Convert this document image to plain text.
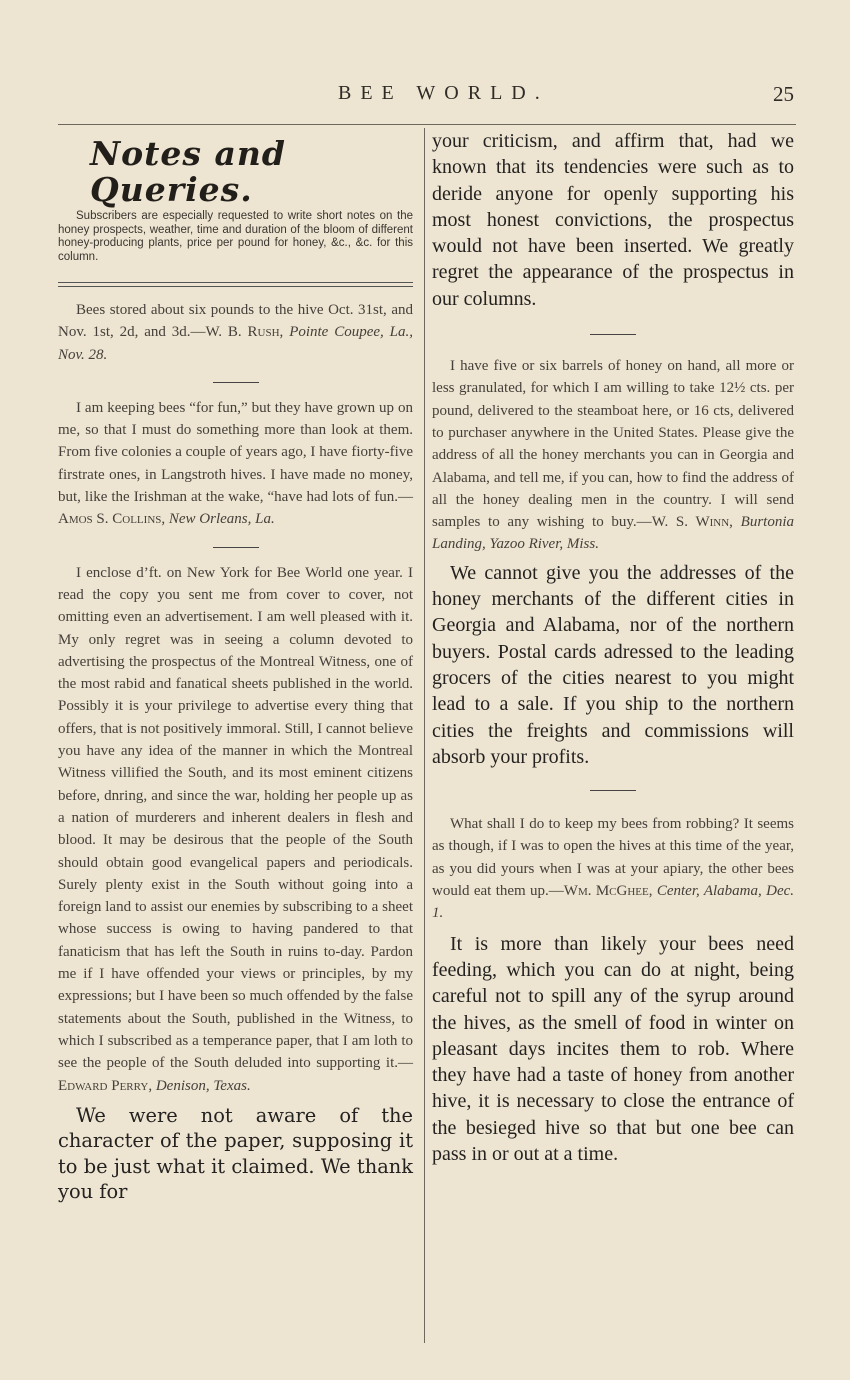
BEE WORLD.	25
Notes and Queries.

Subscribers are especially requested to write short notes on the honey prospects, weather, time and duration of the bloom of different honey-producing plants, price per pound for honey, &c., &c. for this column.

Bees stored about six pounds to the hive Oct. 31st, and Nov. 1st, 2d, and 3d.—W. B. Rush, Pointe Coupee, La., Nov. 28.

I am keeping bees “for fun,” but they have grown up on me, so that I must do something more than look at them. From five colonies a couple of years ago, I have fiorty-five firstrate ones, in Langstroth hives. I have made no money, but, like the Irishman at the wake, “have had lots of fun.—Amos S. Collins, New Orleans, La.

I enclose d’ft. on New York for Bee World one year. I read the copy you sent me from cover to cover, not omitting even an advertisement. I am well pleased with it. My only regret was in seeing a column devoted to advertising the prospectus of the Montreal Witness, one of the most rabid and fanatical sheets published in the world. Possibly it is your privilege to advertise every thing that offers, that is not positively immoral. Still, I cannot believe you have any idea of the manner in which the Montreal Witness villified the South, and its most eminent citizens before, dnring, and since the war, holding her people up as a nation of murderers and inherent dealers in flesh and blood. It may be desirous that the people of the South should obtain good evangelical papers and periodicals. Surely plenty exist in the South without going into a foreign land to assist our enemies by subscribing to a sheet whose success is owing to having pandered to that fanaticism that has left the South in ruins to-day. Pardon me if I have offended your views or principles, by my expressions; but I have been so much offended by the false statements about the South, published in the Witness, to which I subscribed as a temperance paper, that I am loth to see the people of the South deluded into supporting it.—Edward Perry, Denison, Texas.

We were not aware of the character of the paper, supposing it to be just what it claimed. We thank you for

your criticism, and affirm that, had we known that its tendencies were such as to deride anyone for openly supporting his most honest convictions, the prospectus would not have been inserted. We greatly regret the appearance of the prospectus in our columns.

I have five or six barrels of honey on hand, all more or less granulated, for which I am willing to take 12½ cts. per pound, delivered to the steamboat here, or 16 cts, delivered to purchaser anywhere in the United States. Please give the address of all the honey merchants you can in Georgia and Alabama, and tell me, if you can, how to find the address of all the honey dealing men in the country. I will send samples to any wishing to buy.—W. S. Winn, Burtonia Landing, Yazoo River, Miss.

We cannot give you the addresses of the honey merchants of the different cities in Georgia and Alabama, nor of the northern buyers. Postal cards adressed to the leading grocers of the cities nearest to you might lead to a sale. If you ship to the northern cities the freights and commissions will absorb your profits.

What shall I do to keep my bees from robbing? It seems as though, if I was to open the hives at this time of the year, as you did yours when I was at your apiary, the other bees would eat them up.—Wm. McGhee, Center, Alabama, Dec. 1.

It is more than likely your bees need feeding, which you can do at night, being careful not to spill any of the syrup around the hives, as the smell of food in winter on pleasant days incites them to rob. Where they have had a taste of honey from another hive, it is necessary to close the entrance of the besieged hive so that but one bee can pass in or out at a time.
